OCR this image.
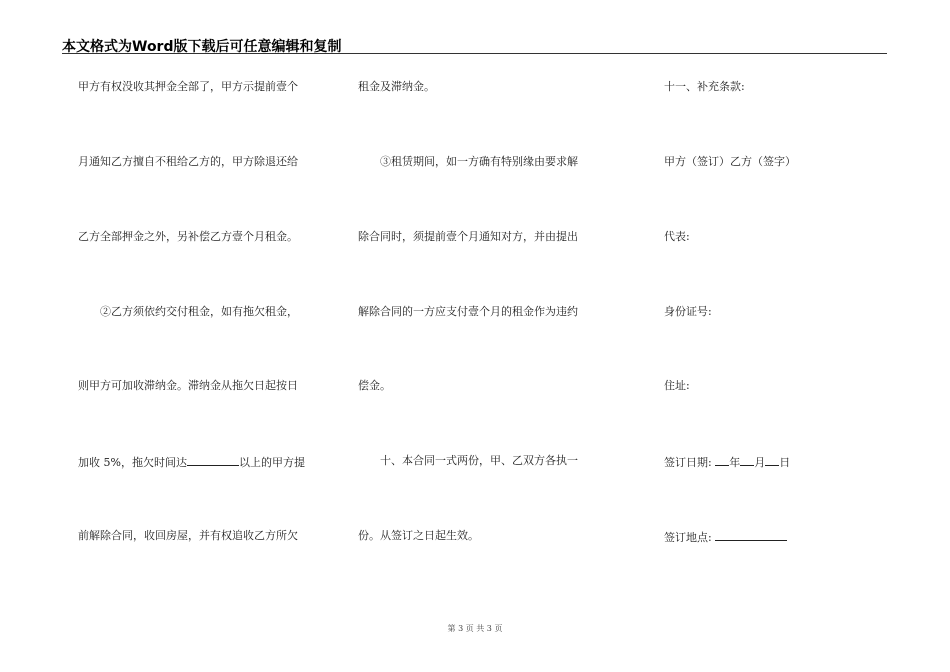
本文格式为Word版下载后可任意编辑和复制
甲方有权没收其押金全部了，甲方示提前壹个
月通知乙方擅自不租给乙方的，甲方除退还给
乙方全部押金之外，另补偿乙方壹个月租金。
　　②乙方须依约交付租金，如有拖欠租金，
则甲方可加收滞纳金。滞纳金从拖欠日起按日
加收 5%，拖欠时间达	以上的甲方提
前解除合同，收回房屋，并有权追收乙方所欠
租金及滞纳金。
　　③租赁期间，如一方确有特别缘由要求解
除合同时，须提前壹个月通知对方，并由提出
解除合同的一方应支付壹个月的租金作为违约
偿金。
　　十、本合同一式两份，甲、乙双方各执一
份。从签订之日起生效。
十一、补充条款:
甲方（签订）乙方（签字）
代表:
身份证号:
住址:
签订日期: 年 月 日
签订地点:
第 3 页 共 3 页
